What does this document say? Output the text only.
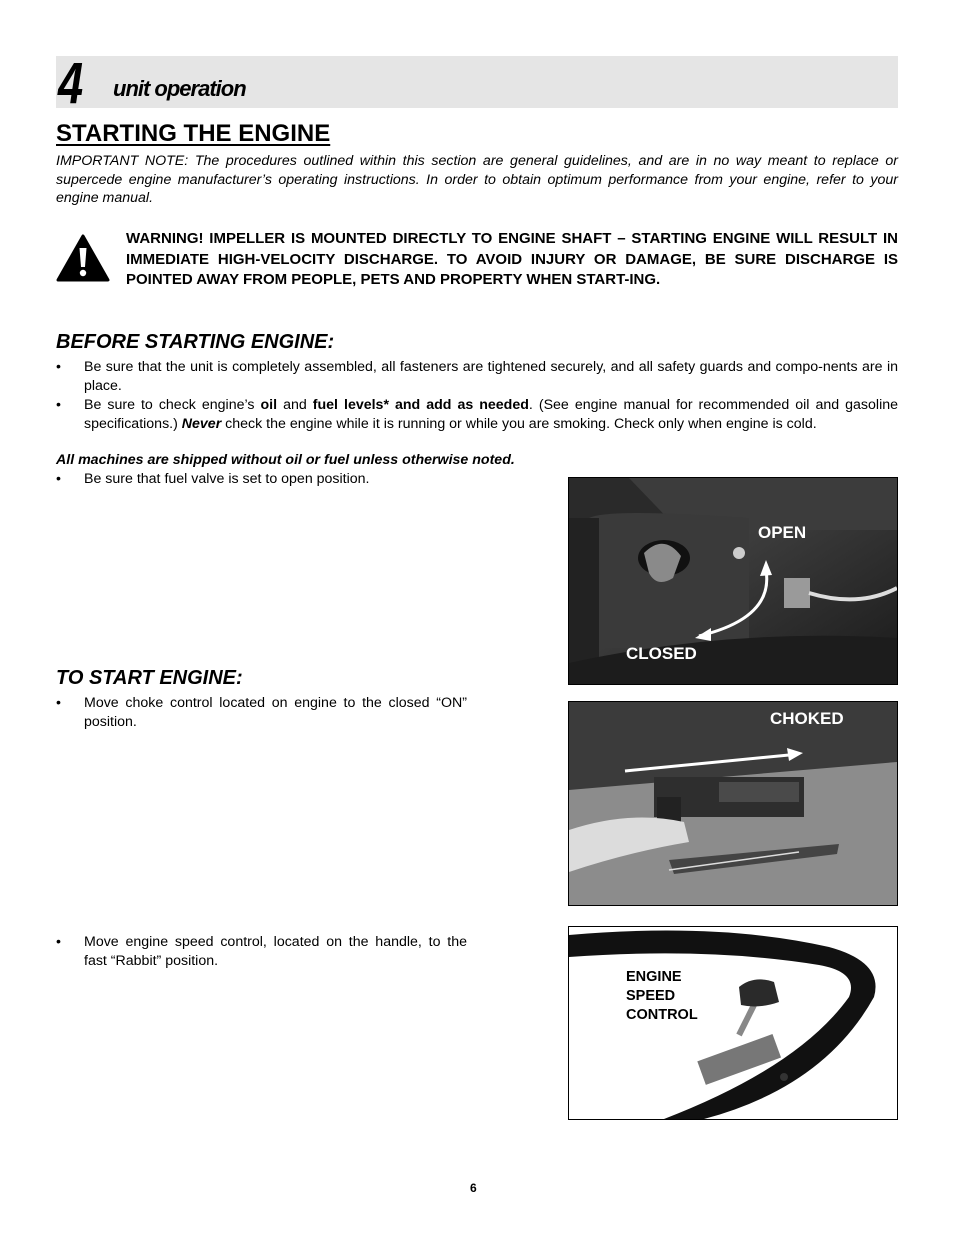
4 unit operation
STARTING THE ENGINE
IMPORTANT NOTE: The procedures outlined within this section are general guidelines, and are in no way meant to replace or supercede engine manufacturer’s operating instructions. In order to obtain optimum performance from your engine, refer to your engine manual.
WARNING! IMPELLER IS MOUNTED DIRECTLY TO ENGINE SHAFT – STARTING ENGINE WILL RESULT IN IMMEDIATE HIGH-VELOCITY DISCHARGE. TO AVOID INJURY OR DAMAGE, BE SURE DISCHARGE IS POINTED AWAY FROM PEOPLE, PETS AND PROPERTY WHEN START-ING.
BEFORE STARTING ENGINE:
• Be sure that the unit is completely assembled, all fasteners are tightened securely, and all safety guards and compo-nents are in place.
• Be sure to check engine’s oil and fuel levels* and add as needed. (See engine manual for recommended oil and gasoline specifications.) Never check the engine while it is running or while you are smoking. Check only when engine is cold.
All machines are shipped without oil or fuel unless otherwise noted.
• Be sure that fuel valve is set to open position.
TO START ENGINE:
• Move choke control located on engine to the closed “ON” position.
• Move engine speed control, located on the handle, to the fast “Rabbit” position.
OPEN
CLOSED
CHOKED
ENGINE
SPEED
CONTROL
6
